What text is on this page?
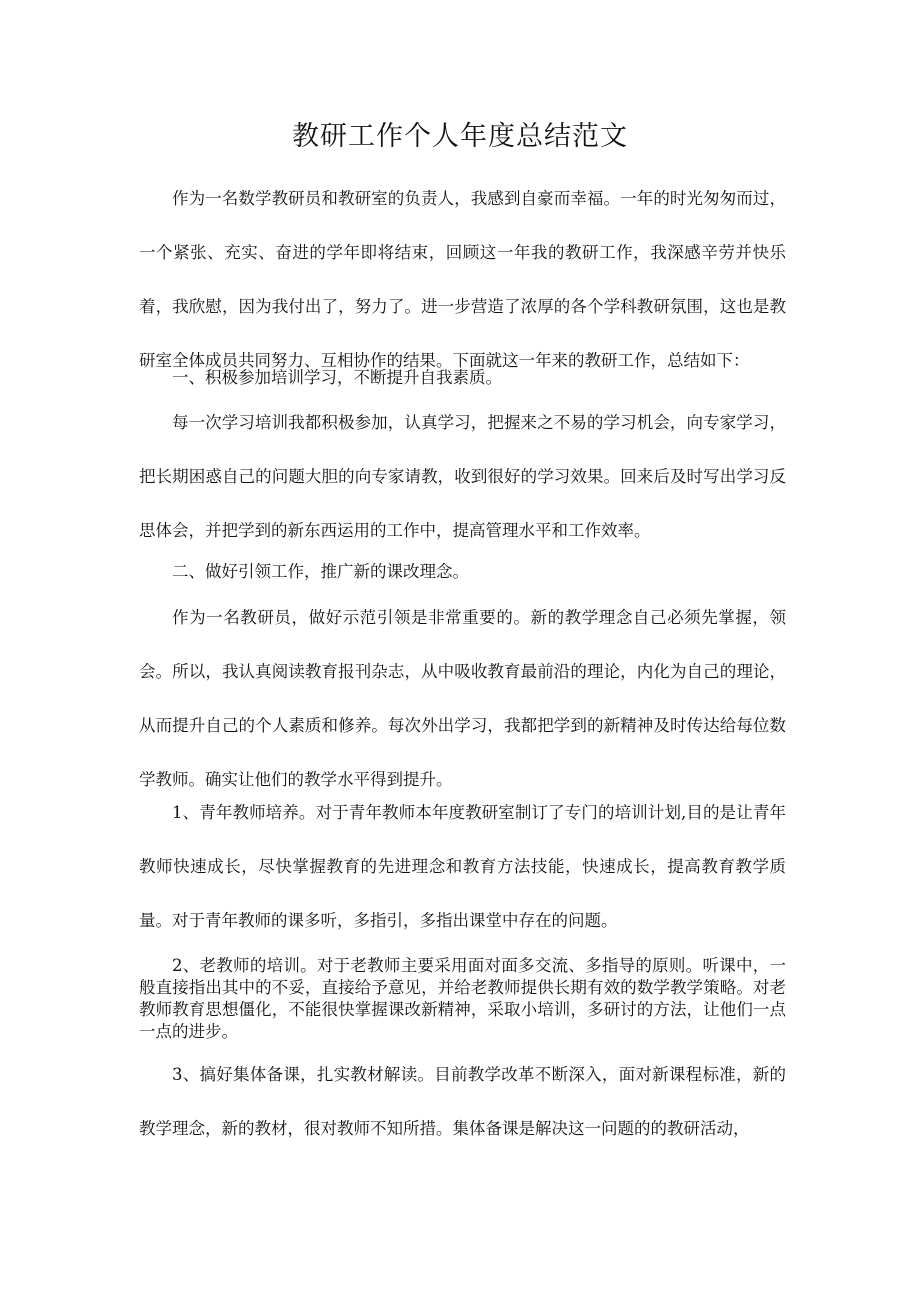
教研工作个人年度总结范文

作为一名数学教研员和教研室的负责人，我感到自豪而幸福。一年的时光匆匆而过，一个紧张、充实、奋进的学年即将结束，回顾这一年我的教研工作，我深感辛劳并快乐着，我欣慰，因为我付出了，努力了。进一步营造了浓厚的各个学科教研氛围，这也是教研室全体成员共同努力、互相协作的结果。下面就这一年来的教研工作，总结如下：

一、积极参加培训学习，不断提升自我素质。

每一次学习培训我都积极参加，认真学习，把握来之不易的学习机会，向专家学习，把长期困惑自己的问题大胆的向专家请教，收到很好的学习效果。回来后及时写出学习反思体会，并把学到的新东西运用的工作中，提高管理水平和工作效率。

二、做好引领工作，推广新的课改理念。

作为一名教研员，做好示范引领是非常重要的。新的教学理念自己必须先掌握，领会。所以，我认真阅读教育报刊杂志，从中吸收教育最前沿的理论，内化为自己的理论，从而提升自己的个人素质和修养。每次外出学习，我都把学到的新精神及时传达给每位数学教师。确实让他们的教学水平得到提升。

1、青年教师培养。对于青年教师本年度教研室制订了专门的培训计划,目的是让青年教师快速成长，尽快掌握教育的先进理念和教育方法技能，快速成长，提高教育教学质量。对于青年教师的课多听，多指引，多指出课堂中存在的问题。

2、老教师的培训。对于老教师主要采用面对面多交流、多指导的原则。听课中，一般直接指出其中的不妥，直接给予意见，并给老教师提供长期有效的数学教学策略。对老教师教育思想僵化，不能很快掌握课改新精神，采取小培训，多研讨的方法，让他们一点一点的进步。

3、搞好集体备课，扎实教材解读。目前教学改革不断深入，面对新课程标准，新的教学理念，新的教材，很对教师不知所措。集体备课是解决这一问题的的教研活动，
